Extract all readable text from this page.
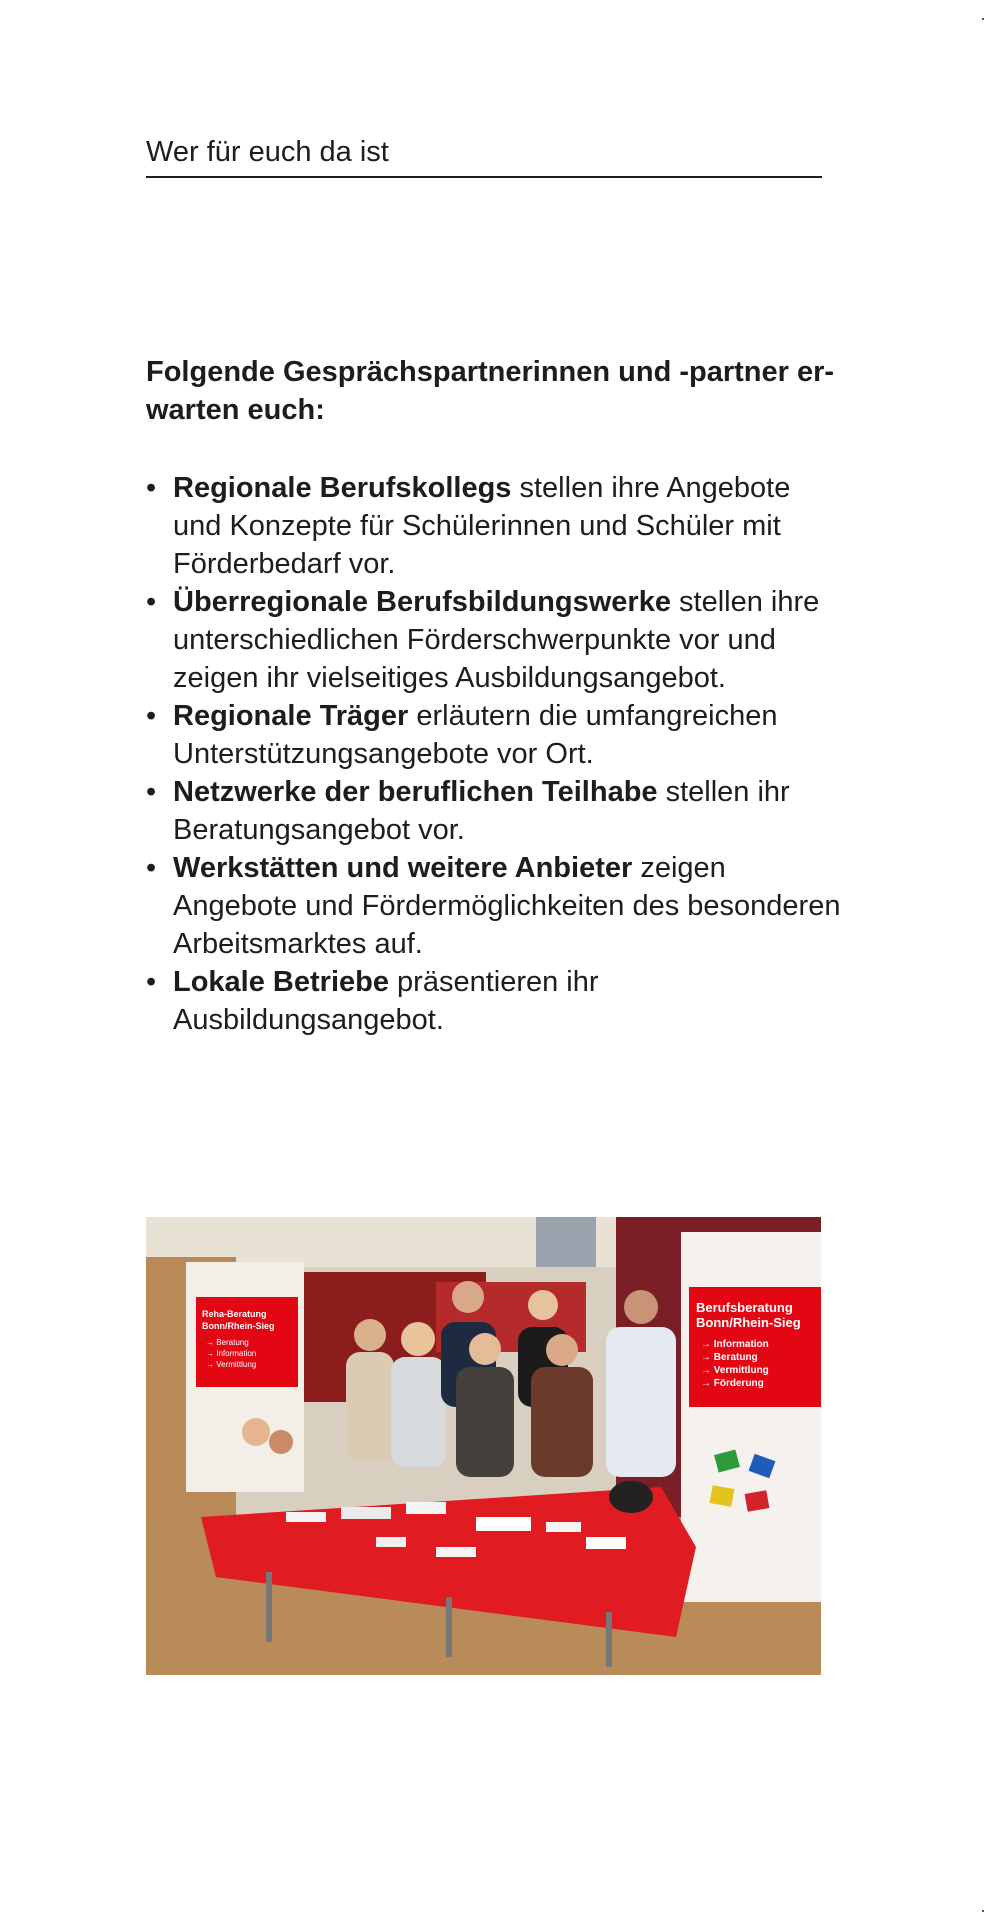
Wer für euch da ist

Folgende Gesprächspartnerinnen und -partner er-warten euch:

• Regionale Berufskollegs stellen ihre Angebote und Konzepte für Schülerinnen und Schüler mit Förderbedarf vor.
• Überregionale Berufsbildungswerke stellen ihre unterschiedlichen Förderschwerpunkte vor und zeigen ihr vielseitiges Ausbildungsangebot.
• Regionale Träger erläutern die umfangreichen Unterstützungsangebote vor Ort.
• Netzwerke der beruflichen Teilhabe stellen ihr Beratungsangebot vor.
• Werkstätten und weitere Anbieter zeigen Angebote und Fördermöglichkeiten des besonderen Arbeitsmarktes auf.
• Lokale Betriebe präsentieren ihr Ausbildungsangebot.
Reha-Beratung
Bonn/Rhein-Sieg
→ Beratung
→ Information
→ Vermittlung
Berufsberatung
Bonn/Rhein-Sieg
→ Information
→ Beratung
→ Vermittlung
→ Förderung
